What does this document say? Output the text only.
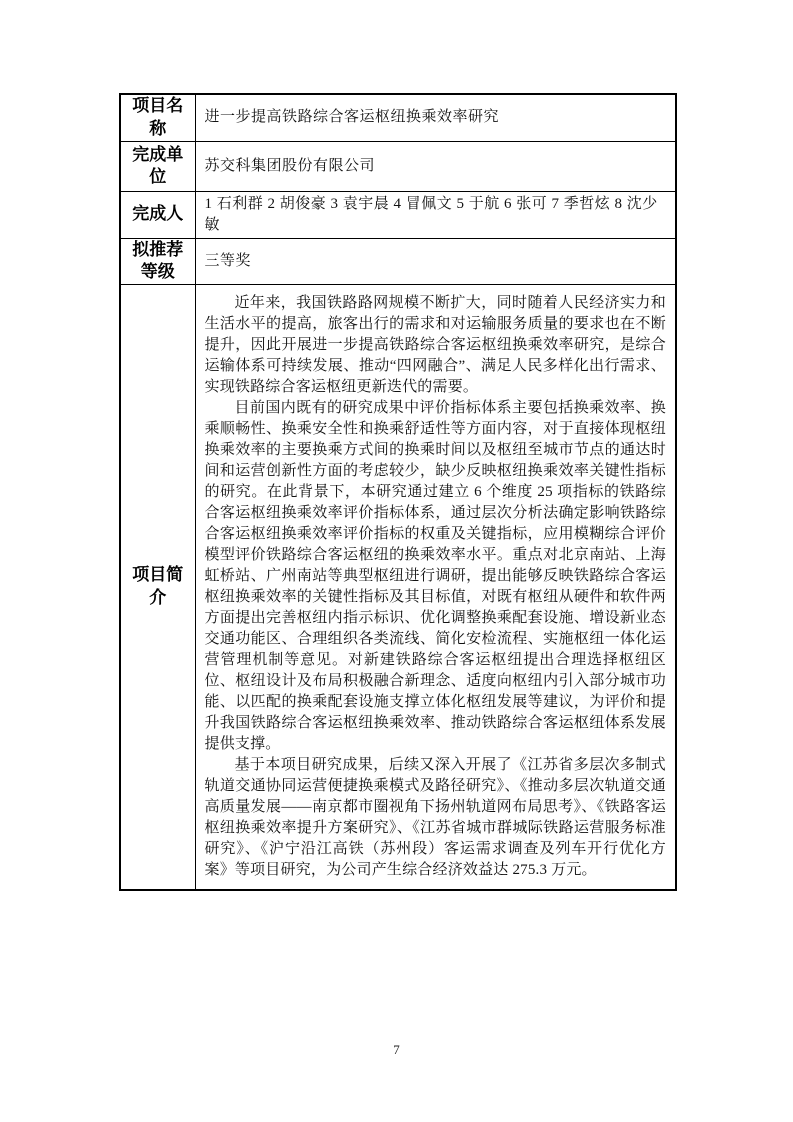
项目名称	进一步提高铁路综合客运枢纽换乘效率研究
完成单位	苏交科集团股份有限公司
完成人	1 石利群 2 胡俊豪 3 袁宇晨 4 冒佩文 5 于航 6 张可 7 季哲炫 8 沈少敏
拟推荐等级	三等奖
项目简介	近年来，我国铁路路网规模不断扩大，同时随着人民经济实力和生活水平的提高，旅客出行的需求和对运输服务质量的要求也在不断提升，因此开展进一步提高铁路综合客运枢纽换乘效率研究，是综合运输体系可持续发展、推动“四网融合”、满足人民多样化出行需求、实现铁路综合客运枢纽更新迭代的需要。

目前国内既有的研究成果中评价指标体系主要包括换乘效率、换乘顺畅性、换乘安全性和换乘舒适性等方面内容，对于直接体现枢纽换乘效率的主要换乘方式间的换乘时间以及枢纽至城市节点的通达时间和运营创新性方面的考虑较少，缺少反映枢纽换乘效率关键性指标的研究。在此背景下，本研究通过建立 6 个维度 25 项指标的铁路综合客运枢纽换乘效率评价指标体系，通过层次分析法确定影响铁路综合客运枢纽换乘效率评价指标的权重及关键指标，应用模糊综合评价模型评价铁路综合客运枢纽的换乘效率水平。重点对北京南站、上海虹桥站、广州南站等典型枢纽进行调研，提出能够反映铁路综合客运枢纽换乘效率的关键性指标及其目标值，对既有枢纽从硬件和软件两方面提出完善枢纽内指示标识、优化调整换乘配套设施、增设新业态交通功能区、合理组织各类流线、简化安检流程、实施枢纽一体化运营管理机制等意见。对新建铁路综合客运枢纽提出合理选择枢纽区位、枢纽设计及布局积极融合新理念、适度向枢纽内引入部分城市功能、以匹配的换乘配套设施支撑立体化枢纽发展等建议，为评价和提升我国铁路综合客运枢纽换乘效率、推动铁路综合客运枢纽体系发展提供支撑。

基于本项目研究成果，后续又深入开展了《江苏省多层次多制式轨道交通协同运营便捷换乘模式及路径研究》、《推动多层次轨道交通高质量发展——南京都市圈视角下扬州轨道网布局思考》、《铁路客运枢纽换乘效率提升方案研究》、《江苏省城市群城际铁路运营服务标准研究》、《沪宁沿江高铁（苏州段）客运需求调查及列车开行优化方案》等项目研究，为公司产生综合经济效益达 275.3 万元。

7
